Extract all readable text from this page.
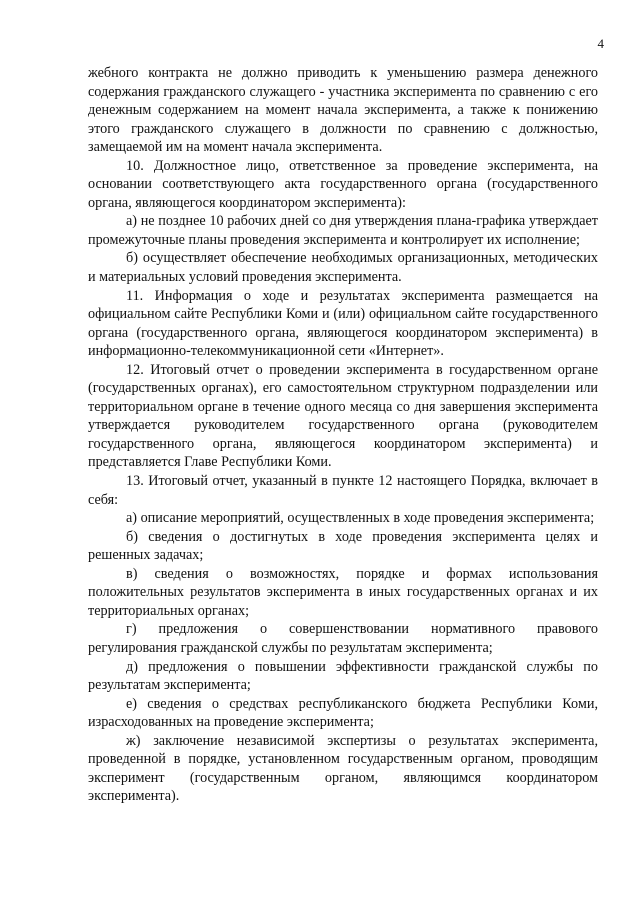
4

жебного контракта не должно приводить к уменьшению размера денежного содержания гражданского служащего - участника эксперимента по сравнению с его денежным содержанием на момент начала эксперимента, а также к понижению этого гражданского служащего в должности по сравнению с должностью, замещаемой им на момент начала эксперимента.

10. Должностное лицо, ответственное за проведение эксперимента, на основании соответствующего акта государственного органа (государственного органа, являющегося координатором эксперимента):

а) не позднее 10 рабочих дней со дня утверждения плана-графика утверждает промежуточные планы проведения эксперимента и контролирует их исполнение;

б) осуществляет обеспечение необходимых организационных, методических и материальных условий проведения эксперимента.

11. Информация о ходе и результатах эксперимента размещается на официальном сайте Республики Коми и (или) официальном сайте государственного органа (государственного органа, являющегося координатором эксперимента) в информационно-телекоммуникационной сети «Интернет».

12. Итоговый отчет о проведении эксперимента в государственном органе (государственных органах), его самостоятельном структурном подразделении или территориальном органе в течение одного месяца со дня завершения эксперимента утверждается руководителем государственного органа (руководителем государственного органа, являющегося координатором эксперимента) и представляется Главе Республики Коми.

13. Итоговый отчет, указанный в пункте 12 настоящего Порядка, включает в себя:

а) описание мероприятий, осуществленных в ходе проведения эксперимента;

б) сведения о достигнутых в ходе проведения эксперимента целях и решенных задачах;

в) сведения о возможностях, порядке и формах использования положительных результатов эксперимента в иных государственных органах и их территориальных органах;

г) предложения о совершенствовании нормативного правового регулирования гражданской службы по результатам эксперимента;

д) предложения о повышении эффективности гражданской службы по результатам эксперимента;

е) сведения о средствах республиканского бюджета Республики Коми, израсходованных на проведение эксперимента;

ж) заключение независимой экспертизы о результатах эксперимента, проведенной в порядке, установленном государственным органом, проводящим эксперимент (государственным органом, являющимся координатором эксперимента).
